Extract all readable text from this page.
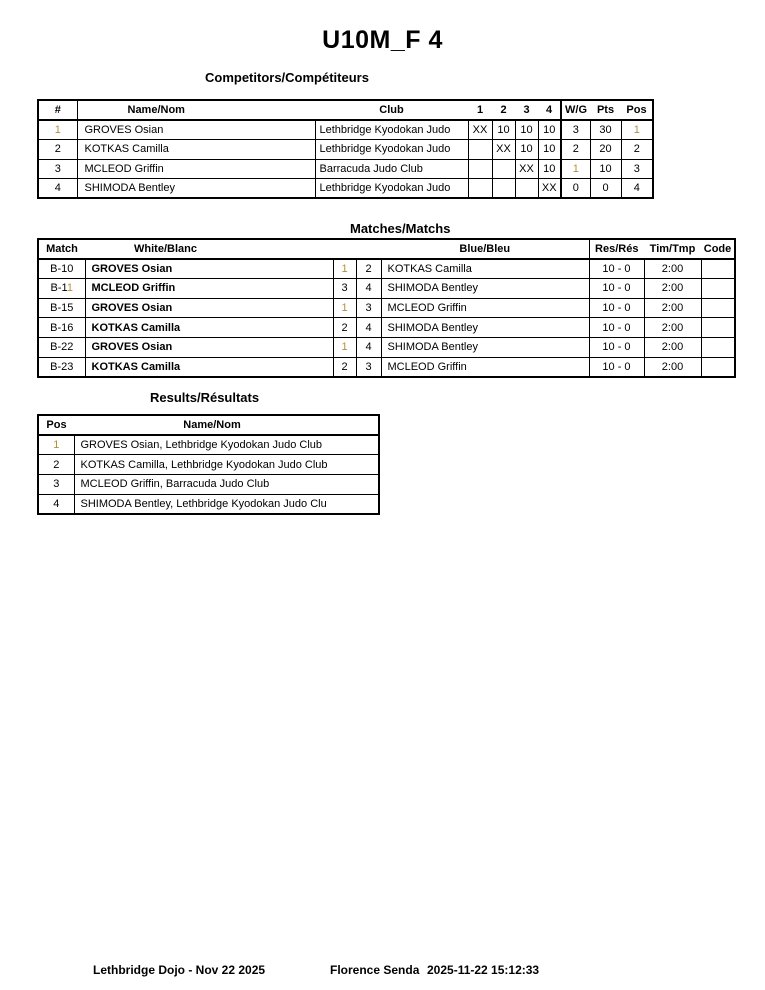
U10M_F 4
Competitors/Compétiteurs
#	Name/Nom	Club	1	2	3	4	W/G	Pts	Pos
1	GROVES Osian	Lethbridge Kyodokan Judo	XX	10	10	10	3	30	1
2	KOTKAS Camilla	Lethbridge Kyodokan Judo		XX	10	10	2	20	2
3	MCLEOD Griffin	Barracuda Judo Club			XX	10	1	10	3
4	SHIMODA Bentley	Lethbridge Kyodokan Judo				XX	0	0	4
Matches/Matchs
Match	White/Blanc			Blue/Bleu	Res/Rés	Tim/Tmp	Code
B-10	GROVES Osian	1	2	KOTKAS Camilla	10 - 0	2:00	
B-11	MCLEOD Griffin	3	4	SHIMODA Bentley	10 - 0	2:00	
B-15	GROVES Osian	1	3	MCLEOD Griffin	10 - 0	2:00	
B-16	KOTKAS Camilla	2	4	SHIMODA Bentley	10 - 0	2:00	
B-22	GROVES Osian	1	4	SHIMODA Bentley	10 - 0	2:00	
B-23	KOTKAS Camilla	2	3	MCLEOD Griffin	10 - 0	2:00	
Results/Résultats
Pos	Name/Nom
1	GROVES Osian, Lethbridge Kyodokan Judo Club
2	KOTKAS Camilla, Lethbridge Kyodokan Judo Club
3	MCLEOD Griffin, Barracuda Judo Club
4	SHIMODA Bentley, Lethbridge Kyodokan Judo Clu
Lethbridge Dojo - Nov 22 2025	Florence Senda 2025-11-22 15:12:33
